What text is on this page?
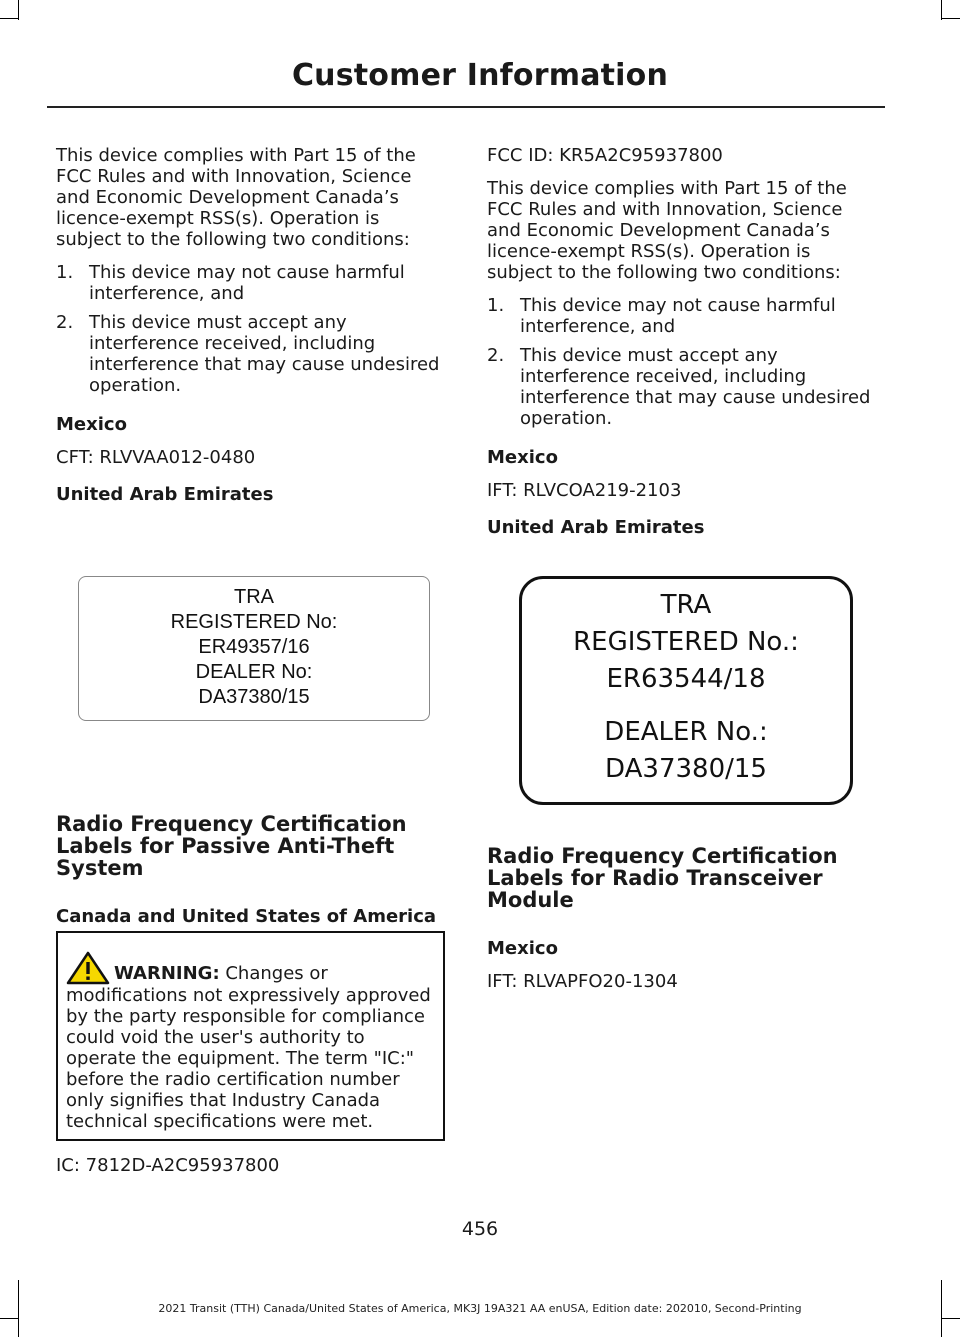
Customer Information

This device complies with Part 15 of the FCC Rules and with Innovation, Science and Economic Development Canada’s licence-exempt RSS(s). Operation is subject to the following two conditions:

1. This device may not cause harmful interference, and
2. This device must accept any interference received, including interference that may cause undesired operation.

Mexico

CFT: RLVVAA012-0480

United Arab Emirates

TRA
REGISTERED No:
ER49357/16
DEALER No:
DA37380/15

Radio Frequency Certification Labels for Passive Anti-Theft System

Canada and United States of America

WARNING: Changes or modifications not expressively approved by the party responsible for compliance could void the user's authority to operate the equipment. The term "IC:" before the radio certification number only signifies that Industry Canada technical specifications were met.
IC: 7812D-A2C95937800

FCC ID: KR5A2C95937800

This device complies with Part 15 of the FCC Rules and with Innovation, Science and Economic Development Canada’s licence-exempt RSS(s). Operation is subject to the following two conditions:

1. This device may not cause harmful interference, and
2. This device must accept any interference received, including interference that may cause undesired operation.

Mexico

IFT: RLVCOA219-2103

United Arab Emirates

TRA
REGISTERED No.:
ER63544/18
DEALER No.:
DA37380/15

Radio Frequency Certification Labels for Radio Transceiver Module

Mexico

IFT: RLVAPFO20-1304

456
2021 Transit (TTH) Canada/United States of America, MK3J 19A321 AA enUSA, Edition date: 202010, Second-Printing
